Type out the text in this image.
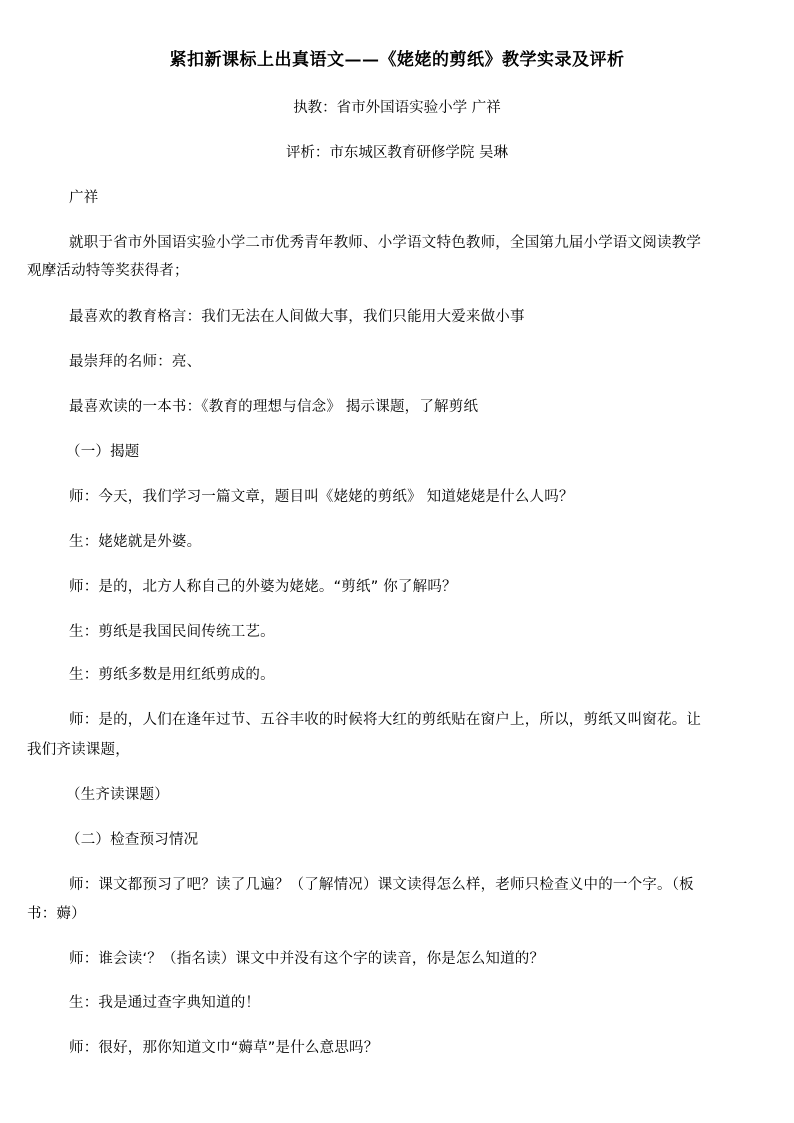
紧扣新课标上出真语文——《姥姥的剪纸》教学实录及评析
执教：省市外国语实验小学 广祥
评析：市东城区教育研修学院 吴琳
广祥
就职于省市外国语实验小学二市优秀青年教师、小学语文特色教师，全国第九届小学语文阅读教学
观摩活动特等奖获得者；
最喜欢的教育格言：我们无法在人间做大事，我们只能用大爱来做小事
最崇拜的名师：亮、
最喜欢读的一本书：《教育的理想与信念》 揭示课题，了解剪纸
（一）揭题
师：今天，我们学习一篇文章，题目叫《姥姥的剪纸》 知道姥姥是什么人吗？
生：姥姥就是外婆。
师：是的，北方人称自己的外婆为姥姥。“剪纸” 你了解吗？
生：剪纸是我国民间传统工艺。
生：剪纸多数是用红纸剪成的。
师：是的，人们在逢年过节、五谷丰收的时候将大红的剪纸贴在窗户上，所以，剪纸又叫窗花。让
我们齐读课题，
（生齐读课题）
（二）检查预习情况
师：课文都预习了吧？读了几遍？（了解情况）课文读得怎么样，老师只检查义中的一个字。（板
书：薅）
师：谁会读‘？（指名读）课文中并没有这个字的读音，你是怎么知道的？
生：我是通过查字典知道的！
师：很好，那你知道文巾“薅草”是什么意思吗？
